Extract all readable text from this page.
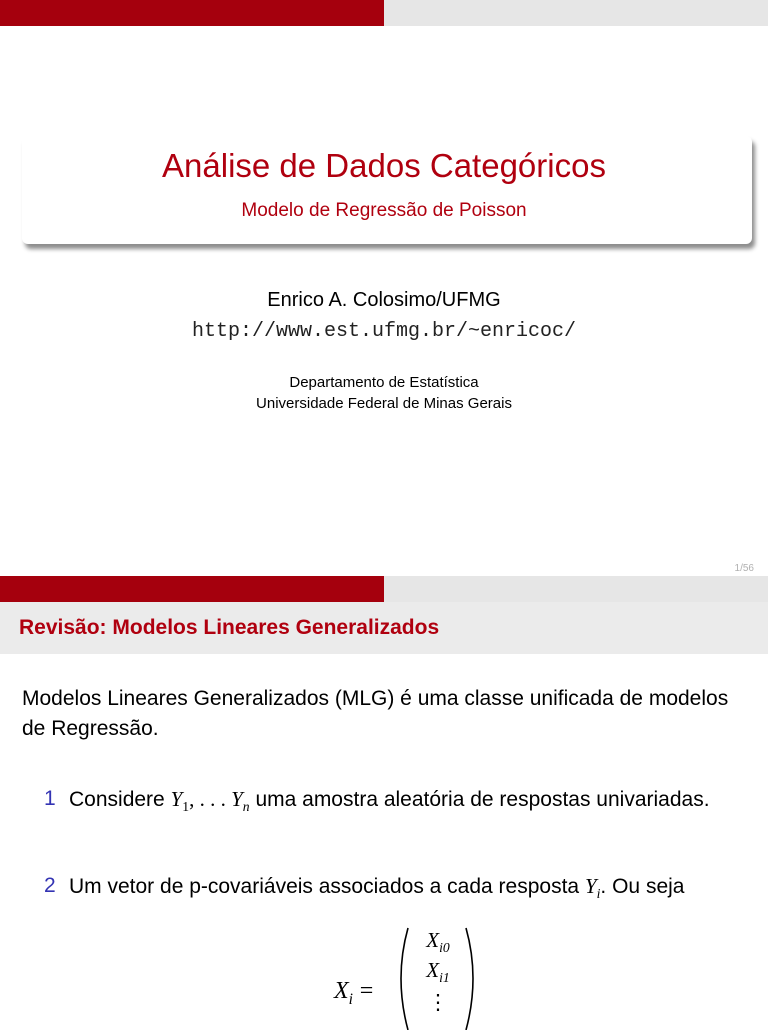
Análise de Dados Categóricos
Modelo de Regressão de Poisson
Enrico A. Colosimo/UFMG
http://www.est.ufmg.br/~enricoc/
Departamento de Estatística
Universidade Federal de Minas Gerais
1/56
Revisão: Modelos Lineares Generalizados
Modelos Lineares Generalizados (MLG) é uma classe unificada de modelos de Regressão.
1 Considere $Y_1$, . . . $Y_n$ uma amostra aleatória de respostas univariadas.
2 Um vetor de p-covariáveis associados a cada resposta $Y_i$. Ou seja
$X_i$ =
$X_{i0}$
$X_{i1}$
⋮
